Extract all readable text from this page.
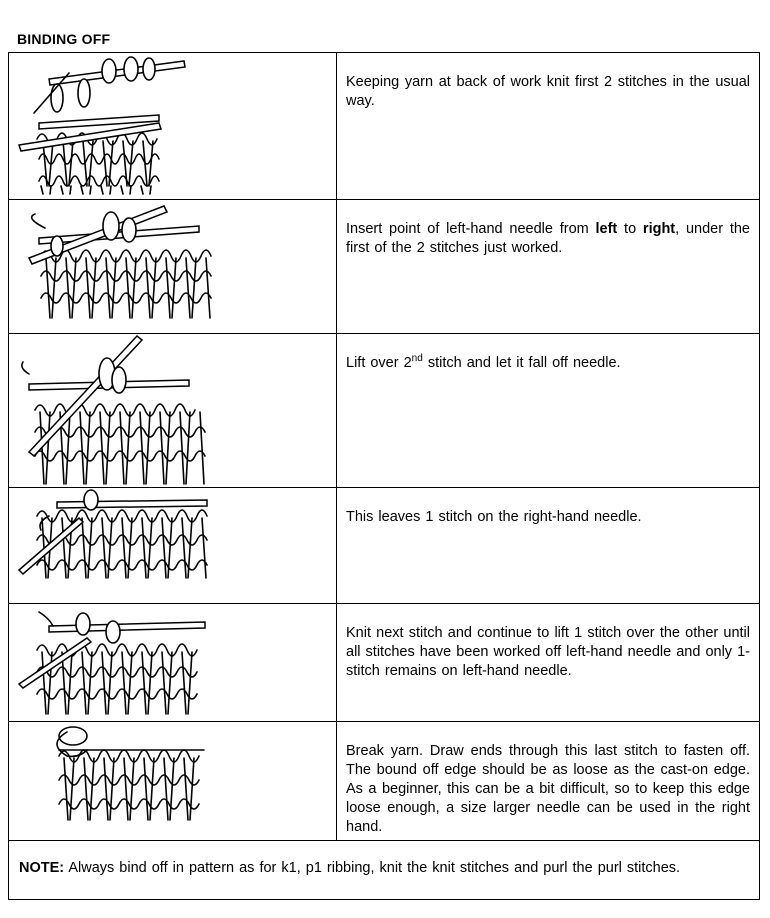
BINDING OFF
	Keeping yarn at back of work knit first 2 stitches in the usual way.

	Insert point of left-hand needle from left to right, under the first of the 2 stitches just worked.

	Lift over 2nd stitch and let it fall off needle.

	This leaves 1 stitch on the right-hand needle.

	Knit next stitch and continue to lift 1 stitch over the other until all stitches have been worked off left-hand needle and only 1-stitch remains on left-hand needle.

	Break yarn. Draw ends through this last stitch to fasten off. The bound off edge should be as loose as the cast-on edge. As a beginner, this can be a bit difficult, so to keep this edge loose enough, a size larger needle can be used in the right hand.
NOTE: Always bind off in pattern as for k1, p1 ribbing, knit the knit stitches and purl the purl stitches.	
